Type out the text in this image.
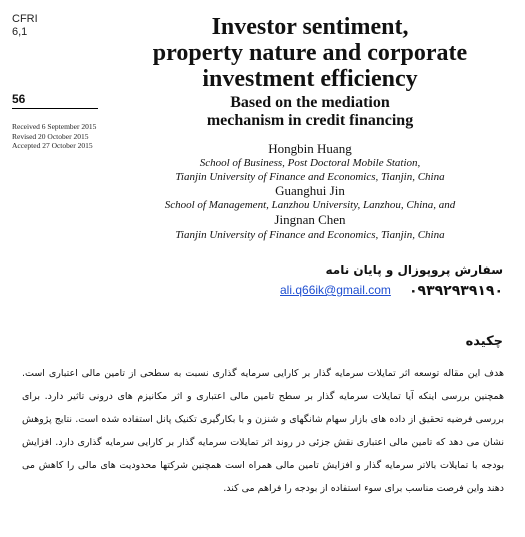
CFRI
6,1
56
Received 6 September 2015
Revised 20 October 2015
Accepted 27 October 2015
Investor sentiment,
property nature and corporate
investment efficiency
Based on the mediation
mechanism in credit financing
Hongbin Huang
School of Business, Post Doctoral Mobile Station,
Tianjin University of Finance and Economics, Tianjin, China
Guanghui Jin
School of Management, Lanzhou University, Lanzhou, China, and
Jingnan Chen
Tianjin University of Finance and Economics, Tianjin, China
سفارش پروپوزال و پایان نامه
۰۹۳۹۲۹۳۹۱۹۰
ali.q66ik@gmail.com
چکیده
هدف این مقاله توسعه اثر تمایلات سرمایه گذار بر کارایی سرمایه گذاری نسبت به سطحی از تامین مالی اعتباری است. همچنین بررسی اینکه آیا تمایلات سرمایه گذار بر سطح تامین مالی اعتباری و اثر مکانیزم های درونی تاثیر دارد. برای بررسی فرضیه تحقیق از داده های بازار سهام شانگهای و شنزن و با بکارگیری تکنیک پانل استفاده شده است. نتایج پژوهش نشان می دهد که تامین مالی اعتباری نقش جزئی در روند اثر تمایلات سرمایه گذار بر کارایی سرمایه گذاری دارد. افزایش بودجه با تمایلات بالاتر سرمایه گذار و افزایش تامین مالی همراه است همچنین شرکتها محدودیت های مالی را کاهش می دهند واین فرصت مناسب برای سوء استفاده از بودجه را فراهم می کند.
